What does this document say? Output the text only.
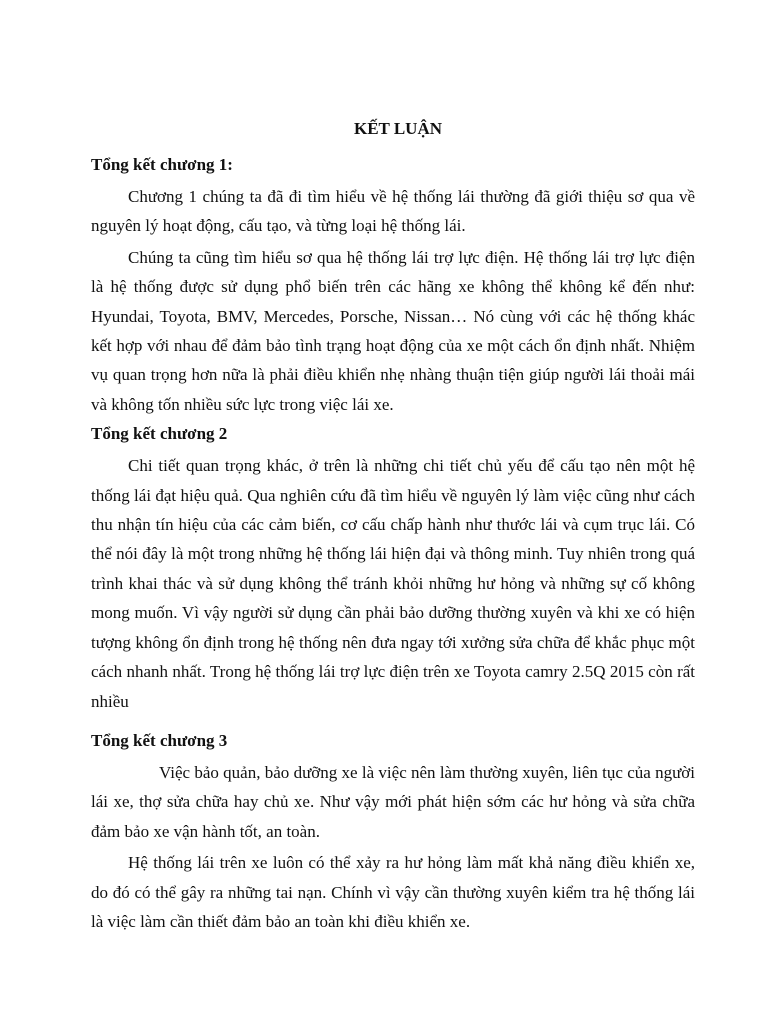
KẾT LUẬN
Tổng kết chương 1:

Chương 1 chúng ta đã đi tìm hiểu về hệ thống lái thường đã giới thiệu sơ qua về nguyên lý hoạt động, cấu tạo, và từng loại hệ thống lái.

Chúng ta cũng tìm hiểu sơ qua hệ thống lái trợ lực điện. Hệ thống lái trợ lực điện là hệ thống được sử dụng phổ biến trên các hãng xe không thể không kể đến như: Hyundai, Toyota, BMV, Mercedes, Porsche, Nissan… Nó cùng với các hệ thống khác kết hợp với nhau để đảm bảo tình trạng hoạt động của xe một cách ổn định nhất. Nhiệm vụ quan trọng hơn nữa là phải điều khiển nhẹ nhàng thuận tiện giúp người lái thoải mái và không tốn nhiều sức lực trong việc lái xe.

Tổng kết chương 2

Chi tiết quan trọng khác, ở trên là những chi tiết chủ yếu để cấu tạo nên một hệ thống lái đạt hiệu quả. Qua nghiên cứu đã tìm hiểu về nguyên lý làm việc cũng như cách thu nhận tín hiệu của các cảm biến, cơ cấu chấp hành như thước lái và cụm trục lái. Có thể nói đây là một trong những hệ thống lái hiện đại và thông minh. Tuy nhiên trong quá trình khai thác và sử dụng không thể tránh khỏi những hư hỏng và những sự cố không mong muốn. Vì vậy người sử dụng cần phải bảo dưỡng thường xuyên và khi xe có hiện tượng không ổn định trong hệ thống nên đưa ngay tới xưởng sửa chữa để khắc phục một cách nhanh nhất. Trong hệ thống lái trợ lực điện trên xe Toyota camry 2.5Q 2015 còn rất nhiều

Tổng kết chương 3

Việc bảo quản, bảo dưỡng xe là việc nên làm thường xuyên, liên tục của người lái xe, thợ sửa chữa hay chủ xe. Như vậy mới phát hiện sớm các hư hỏng và sửa chữa đảm bảo xe vận hành tốt, an toàn.

Hệ thống lái trên xe luôn có thể xảy ra hư hỏng làm mất khả năng điều khiển xe, do đó có thể gây ra những tai nạn. Chính vì vậy cần thường xuyên kiểm tra hệ thống lái là việc làm cần thiết đảm bảo an toàn khi điều khiển xe.
